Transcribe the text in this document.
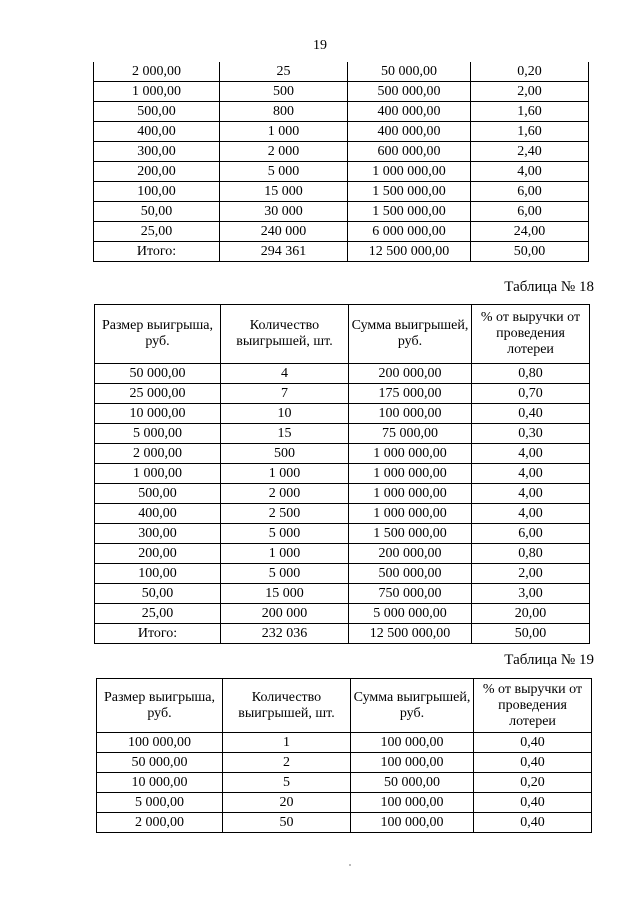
19
2 000,00	25	50 000,00	0,20
1 000,00	500	500 000,00	2,00
500,00	800	400 000,00	1,60
400,00	1 000	400 000,00	1,60
300,00	2 000	600 000,00	2,40
200,00	5 000	1 000 000,00	4,00
100,00	15 000	1 500 000,00	6,00
50,00	30 000	1 500 000,00	6,00
25,00	240 000	6 000 000,00	24,00
Итого:	294 361	12 500 000,00	50,00
Таблица № 18
Размер выигрыша, руб.	Количество выигрышей, шт.	Сумма выигрышей, руб.	% от выручки от проведения лотереи
50 000,00	4	200 000,00	0,80
25 000,00	7	175 000,00	0,70
10 000,00	10	100 000,00	0,40
5 000,00	15	75 000,00	0,30
2 000,00	500	1 000 000,00	4,00
1 000,00	1 000	1 000 000,00	4,00
500,00	2 000	1 000 000,00	4,00
400,00	2 500	1 000 000,00	4,00
300,00	5 000	1 500 000,00	6,00
200,00	1 000	200 000,00	0,80
100,00	5 000	500 000,00	2,00
50,00	15 000	750 000,00	3,00
25,00	200 000	5 000 000,00	20,00
Итого:	232 036	12 500 000,00	50,00
Таблица № 19
Размер выигрыша, руб.	Количество выигрышей, шт.	Сумма выигрышей, руб.	% от выручки от проведения лотереи
100 000,00	1	100 000,00	0,40
50 000,00	2	100 000,00	0,40
10 000,00	5	50 000,00	0,20
5 000,00	20	100 000,00	0,40
2 000,00	50	100 000,00	0,40
